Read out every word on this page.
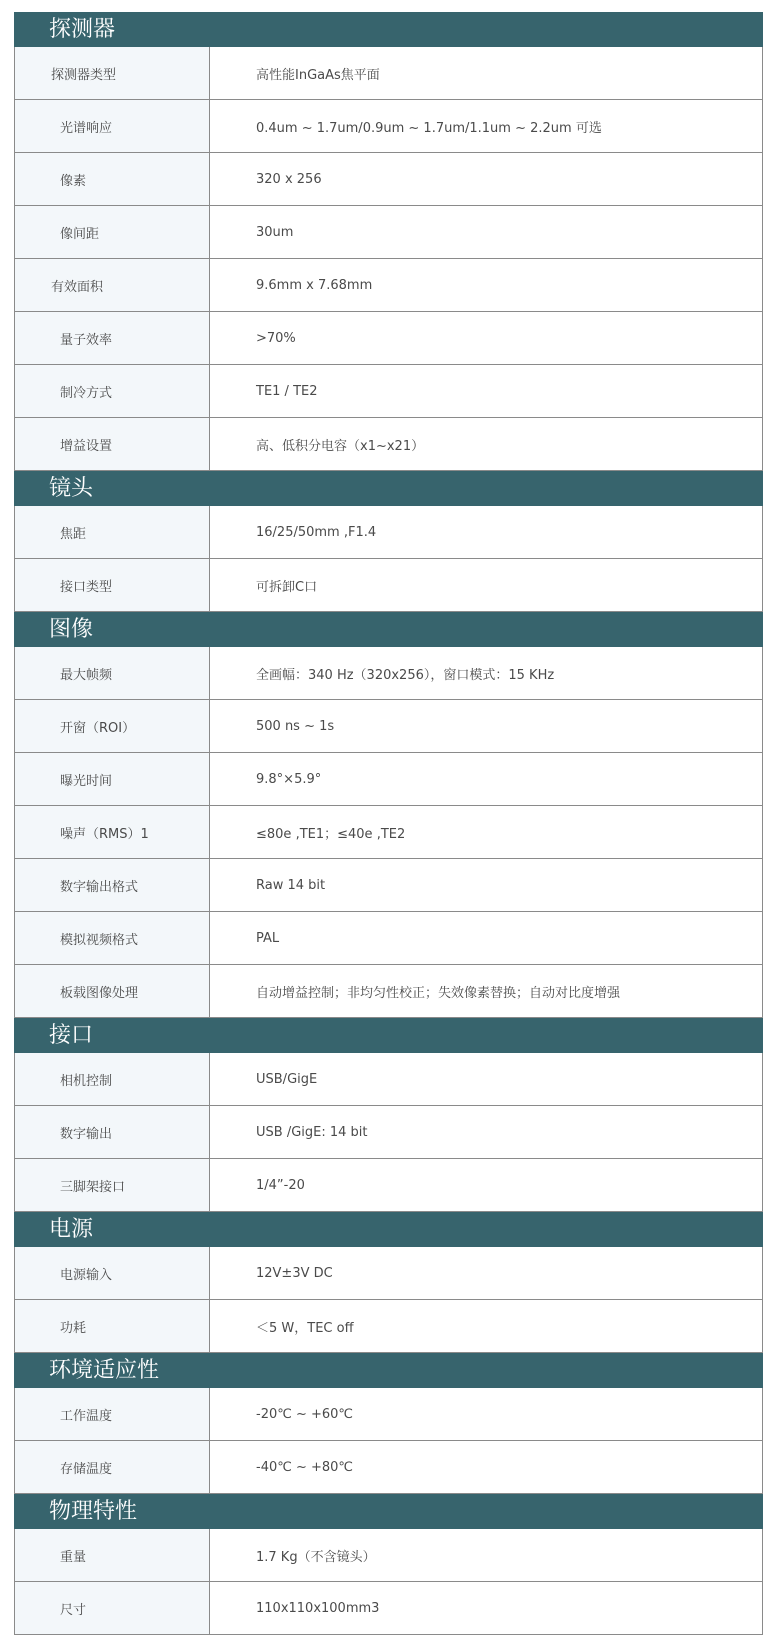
探测器
探测器类型	高性能InGaAs焦平面
光谱响应	0.4um ~ 1.7um/0.9um ~ 1.7um/1.1um ~ 2.2um 可选
像素	320 x 256
像间距	30um
有效面积	9.6mm x 7.68mm
量子效率	>70%
制冷方式	TE1 / TE2
增益设置	高、低积分电容（x1~x21）
镜头
焦距	16/25/50mm ,F1.4
接口类型	可拆卸C口
图像
最大帧频	全画幅：340 Hz（320x256），窗口模式：15 KHz
开窗（ROI）	500 ns ~ 1s
曝光时间	9.8°×5.9°
噪声（RMS）1	≤80e ,TE1；≤40e ,TE2
数字输出格式	Raw 14 bit
模拟视频格式	PAL
板载图像处理	自动增益控制；非均匀性校正；失效像素替换；自动对比度增强
接口
相机控制	USB/GigE
数字输出	USB /GigE: 14 bit
三脚架接口	1/4”-20
电源
电源输入	12V±3V DC
功耗	＜5 W，TEC off
环境适应性
工作温度	-20℃ ~ +60℃
存储温度	-40℃ ~ +80℃
物理特性
重量	1.7 Kg（不含镜头）
尺寸	110x110x100mm3
